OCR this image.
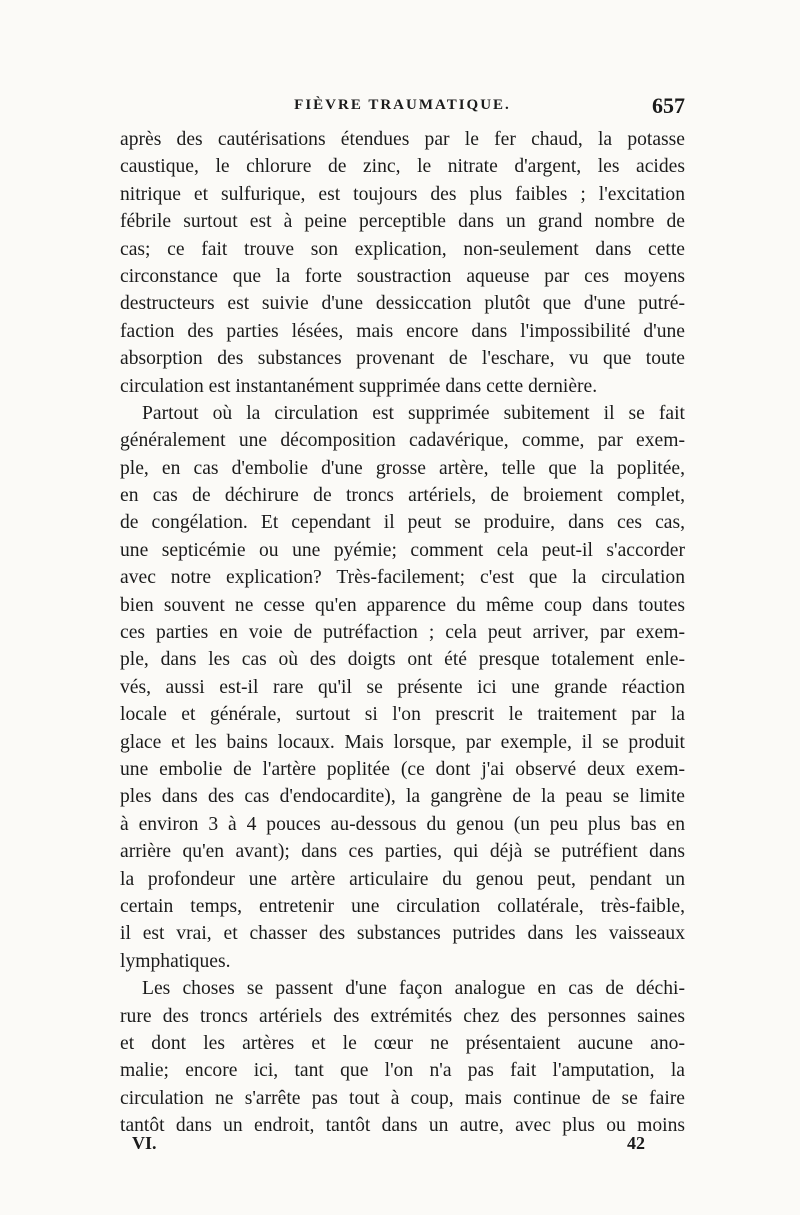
FIÈVRE TRAUMATIQUE.	657
après des cautérisations étendues par le fer chaud, la potasse
caustique, le chlorure de zinc, le nitrate d'argent, les acides
nitrique et sulfurique, est toujours des plus faibles ; l'excitation
fébrile surtout est à peine perceptible dans un grand nombre de
cas; ce fait trouve son explication, non-seulement dans cette
circonstance que la forte soustraction aqueuse par ces moyens
destructeurs est suivie d'une dessiccation plutôt que d'une putré-
faction des parties lésées, mais encore dans l'impossibilité d'une
absorption des substances provenant de l'eschare, vu que toute
circulation est instantanément supprimée dans cette dernière.
Partout où la circulation est supprimée subitement il se fait
généralement une décomposition cadavérique, comme, par exem-
ple, en cas d'embolie d'une grosse artère, telle que la poplitée,
en cas de déchirure de troncs artériels, de broiement complet,
de congélation. Et cependant il peut se produire, dans ces cas,
une septicémie ou une pyémie; comment cela peut-il s'accorder
avec notre explication? Très-facilement; c'est que la circulation
bien souvent ne cesse qu'en apparence du même coup dans toutes
ces parties en voie de putréfaction ; cela peut arriver, par exem-
ple, dans les cas où des doigts ont été presque totalement enle-
vés, aussi est-il rare qu'il se présente ici une grande réaction
locale et générale, surtout si l'on prescrit le traitement par la
glace et les bains locaux. Mais lorsque, par exemple, il se produit
une embolie de l'artère poplitée (ce dont j'ai observé deux exem-
ples dans des cas d'endocardite), la gangrène de la peau se limite
à environ 3 à 4 pouces au-dessous du genou (un peu plus bas en
arrière qu'en avant); dans ces parties, qui déjà se putréfient dans
la profondeur une artère articulaire du genou peut, pendant un
certain temps, entretenir une circulation collatérale, très-faible,
il est vrai, et chasser des substances putrides dans les vaisseaux
lymphatiques.
Les choses se passent d'une façon analogue en cas de déchi-
rure des troncs artériels des extrémités chez des personnes saines
et dont les artères et le cœur ne présentaient aucune ano-
malie; encore ici, tant que l'on n'a pas fait l'amputation, la
circulation ne s'arrête pas tout à coup, mais continue de se faire
tantôt dans un endroit, tantôt dans un autre, avec plus ou moins
VI.	42
